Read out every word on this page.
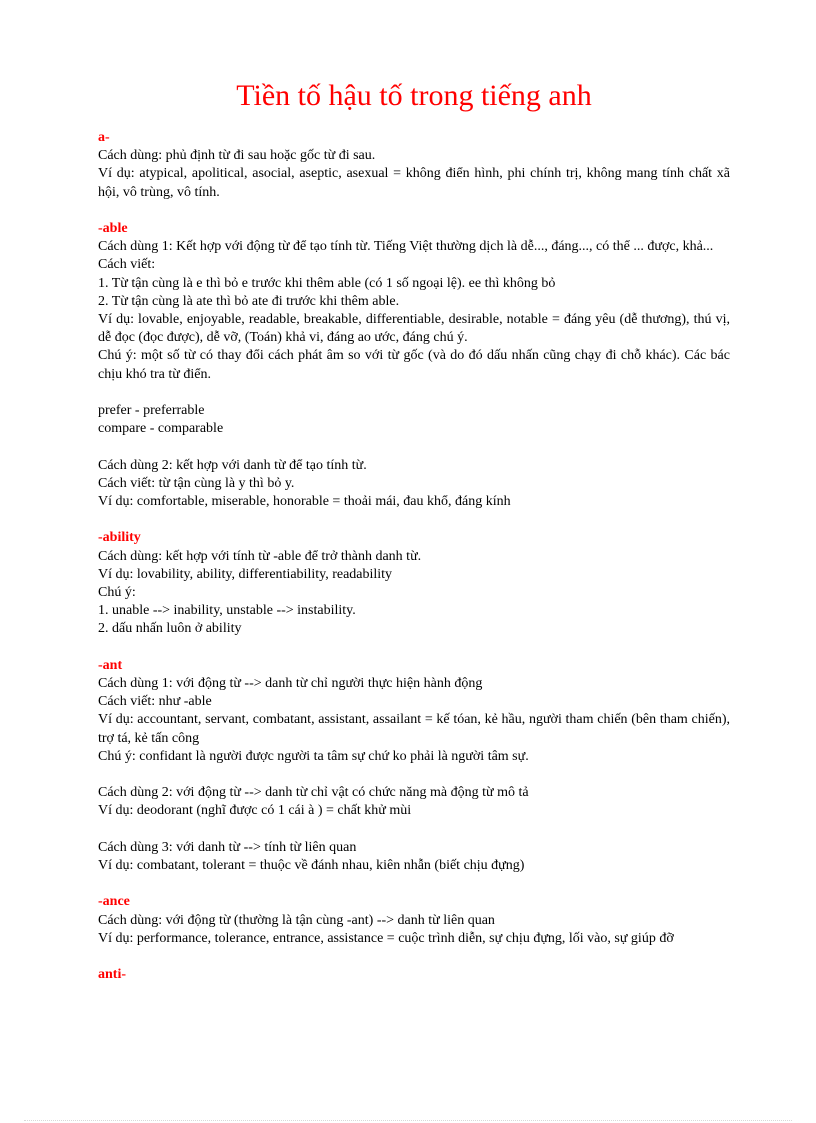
Tiền tố hậu tố trong tiếng anh

a-

Cách dùng: phủ định từ đi sau hoặc gốc từ đi sau.

Ví dụ: atypical, apolitical, asocial, aseptic, asexual = không điển hình, phi chính trị, không mang tính chất xã hội, vô trùng, vô tính.

-able

Cách dùng 1: Kết hợp với động từ để tạo tính từ. Tiếng Việt thường dịch là dễ..., đáng..., có thể ... được, khả...

Cách viết:

1. Từ tận cùng là e thì bỏ e trước khi thêm able (có 1 số ngoại lệ). ee thì không bỏ

2. Từ tận cùng là ate thì bỏ ate đi trước khi thêm able.

Ví dụ: lovable, enjoyable, readable, breakable, differentiable, desirable, notable = đáng yêu (dễ thương), thú vị, dễ đọc (đọc được), dễ vỡ, (Toán) khả vi, đáng ao ước, đáng chú ý.

Chú ý: một số từ có thay đổi cách phát âm so với từ gốc (và do đó dấu nhấn cũng chạy đi chỗ khác). Các bác chịu khó tra từ điển.

prefer - preferrable

compare - comparable

Cách dùng 2: kết hợp với danh từ để tạo tính từ.

Cách viết: từ tận cùng là y thì bỏ y.

Ví dụ: comfortable, miserable, honorable = thoải mái, đau khổ, đáng kính

-ability

Cách dùng: kết hợp với tính từ -able để trở thành danh từ.

Ví dụ: lovability, ability, differentiability, readability

Chú ý:

1. unable --> inability, unstable --> instability.

2. dấu nhấn luôn ở ability

-ant

Cách dùng 1: với động từ --> danh từ chỉ người thực hiện hành động

Cách viết: như -able

Ví dụ: accountant, servant, combatant, assistant, assailant = kế tóan, kẻ hầu, người tham chiến (bên tham chiến), trợ tá, kẻ tấn công

Chú ý: confidant là người được người ta tâm sự chứ ko phải là người tâm sự.

Cách dùng 2: với động từ --> danh từ chỉ vật có chức năng mà động từ mô tả

Ví dụ: deodorant (nghĩ được có 1 cái à ) = chất khử mùi

Cách dùng 3: với danh từ --> tính từ liên quan

Ví dụ: combatant, tolerant = thuộc về đánh nhau, kiên nhẫn (biết chịu đựng)

-ance

Cách dùng: với động từ (thường là tận cùng -ant) --> danh từ liên quan

Ví dụ: performance, tolerance, entrance, assistance = cuộc trình diễn, sự chịu đựng, lối vào, sự giúp đỡ

anti-
